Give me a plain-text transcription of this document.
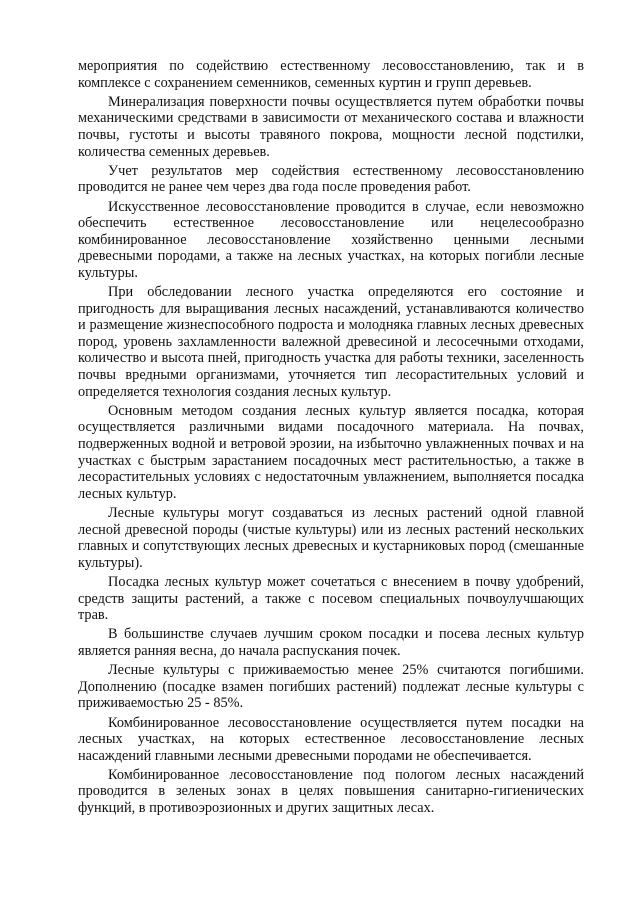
мероприятия по содействию естественному лесовосстановлению, так и в комплексе с сохранением семенников, семенных куртин и групп деревьев.

Минерализация поверхности почвы осуществляется путем обработки почвы механическими средствами в зависимости от механического состава и влажности почвы, густоты и высоты травяного покрова, мощности лесной подстилки, количества семенных деревьев.

Учет результатов мер содействия естественному лесовосстановлению проводится не ранее чем через два года после проведения работ.

Искусственное лесовосстановление проводится в случае, если невозможно обеспечить естественное лесовосстановление или нецелесообразно комбинированное лесовосстановление хозяйственно ценными лесными древесными породами, а также на лесных участках, на которых погибли лесные культуры.

При обследовании лесного участка определяются его состояние и пригодность для выращивания лесных насаждений, устанавливаются количество и размещение жизнеспособного подроста и молодняка главных лесных древесных пород, уровень захламленности валежной древесиной и лесосечными отходами, количество и высота пней, пригодность участка для работы техники, заселенность почвы вредными организмами, уточняется тип лесорастительных условий и определяется технология создания лесных культур.

Основным методом создания лесных культур является посадка, которая осуществляется различными видами посадочного материала. На почвах, подверженных водной и ветровой эрозии, на избыточно увлажненных почвах и на участках с быстрым зарастанием посадочных мест растительностью, а также в лесорастительных условиях с недостаточным увлажнением, выполняется посадка лесных культур.

Лесные культуры могут создаваться из лесных растений одной главной лесной древесной породы (чистые культуры) или из лесных растений нескольких главных и сопутствующих лесных древесных и кустарниковых пород (смешанные культуры).

Посадка лесных культур может сочетаться с внесением в почву удобрений, средств защиты растений, а также с посевом специальных почвоулучшающих трав.

В большинстве случаев лучшим сроком посадки и посева лесных культур является ранняя весна, до начала распускания почек.

Лесные культуры с приживаемостью менее 25% считаются погибшими. Дополнению (посадке взамен погибших растений) подлежат лесные культуры с приживаемостью 25 - 85%.

Комбинированное лесовосстановление осуществляется путем посадки на лесных участках, на которых естественное лесовосстановление лесных насаждений главными лесными древесными породами не обеспечивается.

Комбинированное лесовосстановление под пологом лесных насаждений проводится в зеленых зонах в целях повышения санитарно-гигиенических функций, в противоэрозионных и других защитных лесах.
